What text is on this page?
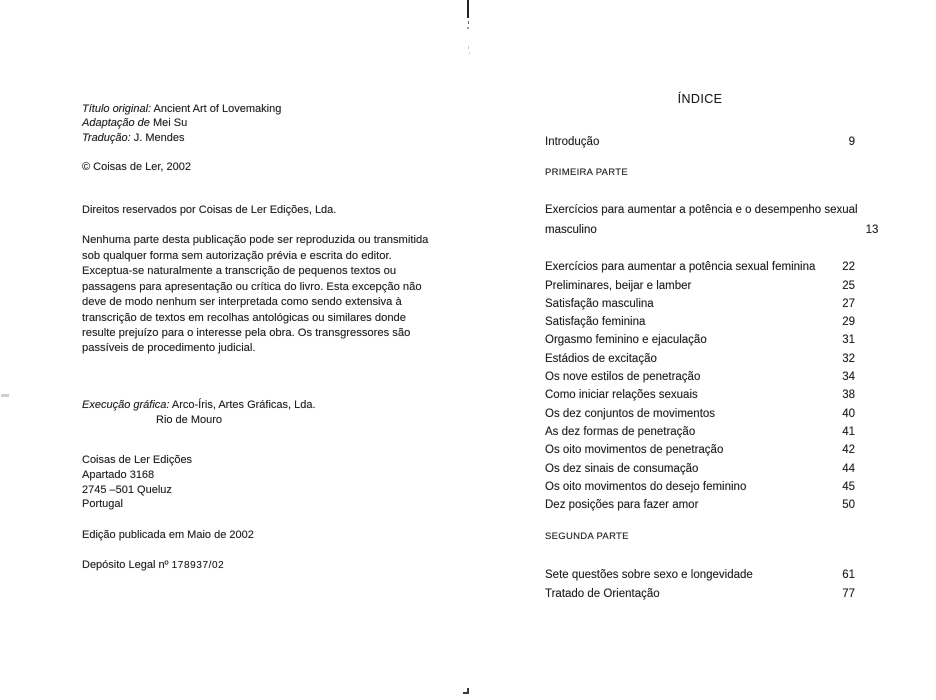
Título original: Ancient Art of Lovemaking
Adaptação de Mei Su
Tradução: J. Mendes
© Coisas de Ler, 2002
Direitos reservados por Coisas de Ler Edições, Lda.
Nenhuma parte desta publicação pode ser reproduzida ou transmitida
sob qualquer forma sem autorização prévia e escrita do editor.
Exceptua-se naturalmente a transcrição de pequenos textos ou
passagens para apresentação ou crítica do livro. Esta excepção não
deve de modo nenhum ser interpretada como sendo extensiva à
transcrição de textos em recolhas antológicas ou similares donde
resulte prejuízo para o interesse pela obra. Os transgressores são
passíveis de procedimento judicial.
Execução gráfica: Arco-Íris, Artes Gráficas, Lda.
Rio de Mouro
Coisas de Ler Edições
Apartado 3168
2745 –501 Queluz
Portugal
Edição publicada em Maio de 2002
Depósito Legal nº 178937/02
ÍNDICE
Introdução	9
PRIMEIRA PARTE
Exercícios para aumentar a potência e o desempenho sexual
masculino	13
Exercícios para aumentar a potência sexual feminina	22
Preliminares, beijar e lamber	25
Satisfação masculina	27
Satisfação feminina	29
Orgasmo feminino e ejaculação	31
Estádios de excitação	32
Os nove estilos de penetração	34
Como iniciar relações sexuais	38
Os dez conjuntos de movimentos	40
As dez formas de penetração	41
Os oito movimentos de penetração	42
Os dez sinais de consumação	44
Os oito movimentos do desejo feminino	45
Dez posições para fazer amor	50
SEGUNDA PARTE
Sete questões sobre sexo e longevidade	61
Tratado de Orientação	77
